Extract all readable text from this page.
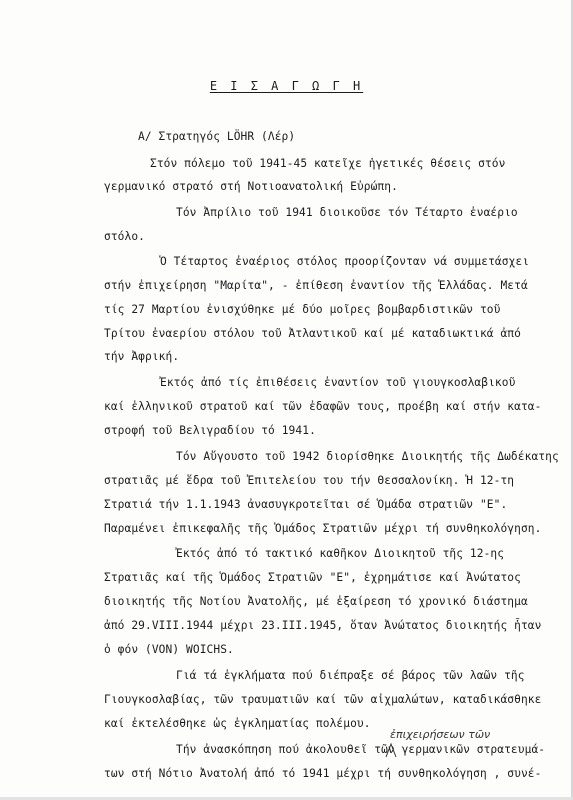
Ε Ι Σ Α Γ Ω Γ Η
Α/ Στρατηγός LÖHR (Λέρ)
Στόν πόλεμο τοῦ 1941-45 κατεῖχε ἡγετικές θέσεις στόν
γερμανικό στρατό στή Νοτιοανατολική Εὐρώπη.
Τόν Ἀπρίλιο τοῦ 1941 διοικοῦσε τόν Τέταρτο ἐναέριο
στόλο.
Ὁ Τέταρτος ἐναέριος στόλος προορίζονταν νά συμμετάσχει
στήν ἐπιχείρηση "Μαρίτα", - ἐπίθεση ἐναντίον τῆς Ἑλλάδας. Μετά
τίς 27 Μαρτίου ἐνισχύθηκε μέ δύο μοῖρες βομβαρδιστικῶν τοῦ
Τρίτου ἐναερίου στόλου τοῦ Ἀτλαντικοῦ καί μέ καταδιωκτικά ἀπό
τήν Ἀφρική.
Ἐκτός ἀπό τίς ἐπιθέσεις ἐναντίον τοῦ γιουγκοσλαβικοῦ
καί ἑλληνικοῦ στρατοῦ καί τῶν ἐδαφῶν τους, προέβη καί στήν κατα-
στροφή τοῦ Βελιγραδίου τό 1941.
Τόν Αὔγουστο τοῦ 1942 διορίσθηκε Διοικητής τῆς Δωδέκατης
στρατιᾶς μέ ἕδρα τοῦ Ἐπιτελείου του τήν Θεσσαλονίκη. Ἡ 12-τη
Στρατιά τήν 1.1.1943 ἀνασυγκροτεῖται σέ Ὁμάδα στρατιῶν "Ε".
Παραμένει ἐπικεφαλῆς τῆς Ὁμάδος Στρατιῶν μέχρι τή συνθηκολόγηση.
Ἐκτός ἀπό τό τακτικό καθῆκον Διοικητοῦ τῆς 12-ης
Στρατιᾶς καί τῆς Ὁμάδος Στρατιῶν "Ε", ἐχρημάτισε καί Ἀνώτατος
διοικητής τῆς Νοτίου Ἀνατολῆς, μέ ἐξαίρεση τό χρονικό διάστημα
ἀπό 29.VIII.1944 μέχρι 23.III.1945, ὅταν Ἀνώτατος διοικητής ἦταν
ὁ φόν (VON) WOICHS.
Γιά τά ἐγκλήματα πού διέπραξε σέ βάρος τῶν λαῶν τῆς
Γιουγκοσλαβίας, τῶν τραυματιῶν καί τῶν αἰχμαλώτων, καταδικάσθηκε
καί ἐκτελέσθηκε ὡς ἐγκληματίας πολέμου.
ἐπιχειρήσεων τῶν
Τήν ἀνασκόπηση πού ἀκολουθεῖ τῶν γερμανικῶν στρατευμά-
των στή Νότιο Ἀνατολή ἀπό τό 1941 μέχρι τή συνθηκολόγηση , συνέ-
